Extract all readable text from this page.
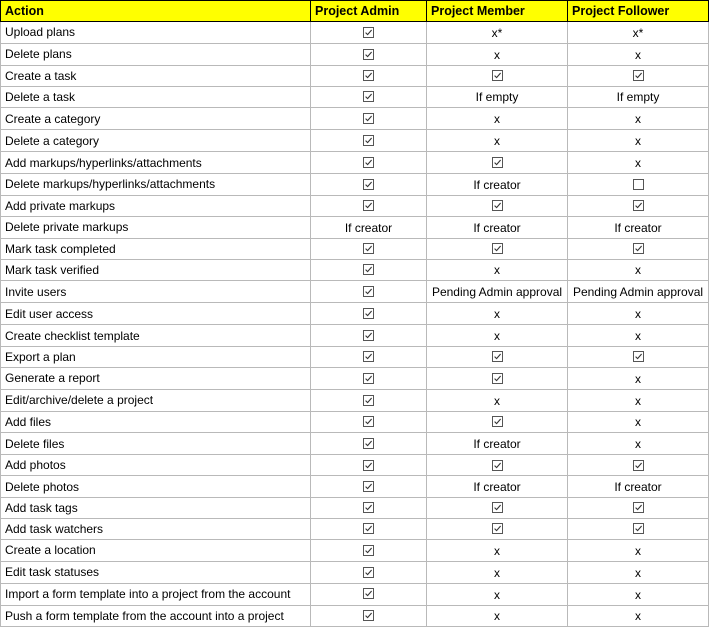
Action	Project Admin	Project Member	Project Follower
Upload plans		x*	x*
Delete plans		x	x
Create a task	

Delete a task		If empty	If empty
Create a category		x	x
Delete a category		x	x
Add markups/hyperlinks/attachments			x
Delete markups/hyperlinks/attachments		If creator	
Add private markups	

Delete private markups	If creator	If creator	If creator
Mark task completed	

Mark task verified		x	x
Invite users		Pending Admin approval	Pending Admin approval
Edit user access		x	x
Create checklist template		x	x
Export a plan	

Generate a report			x
Edit/archive/delete a project		x	x
Add files			x
Delete files		If creator	x
Add photos	

Delete photos		If creator	If creator
Add task tags	

Add task watchers	

Create a location		x	x
Edit task statuses		x	x
Import a form template into a project from the account		x	x
Push a form template from the account into a project		x	x
